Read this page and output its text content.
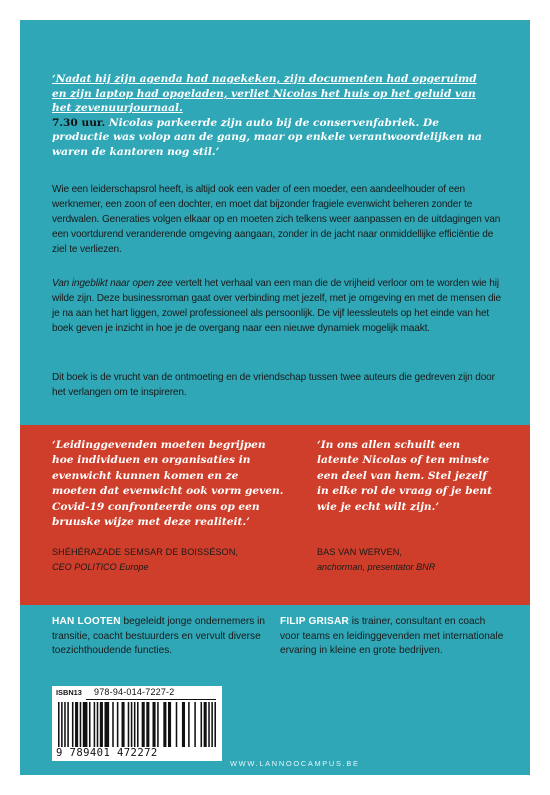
‘Nadat hij zijn agenda had nagekeken, zijn documenten had opgeruimd en zijn laptop had opgeladen, verliet Nicolas het huis op het geluid van het zevenuurjournaal.

7.30 uur. Nicolas parkeerde zijn auto bij de conservenfabriek. De productie was volop aan de gang, maar op enkele verantwoordelijken na waren de kantoren nog stil.’

Wie een leiderschapsrol heeft, is altijd ook een vader of een moeder, een aandeelhouder of een werknemer, een zoon of een dochter, en moet dat bijzonder fragiele evenwicht beheren zonder te verdwalen. Generaties volgen elkaar op en moeten zich telkens weer aanpassen en de uitdagingen van een voortdurend veranderende omgeving aangaan, zonder in de jacht naar onmiddellijke efficiëntie de ziel te verliezen.

Van ingeblikt naar open zee vertelt het verhaal van een man die de vrijheid verloor om te worden wie hij wilde zijn. Deze businessroman gaat over verbinding met jezelf, met je omgeving en met de mensen die je na aan het hart liggen, zowel professioneel als persoonlijk. De vijf leessleutels op het einde van het boek geven je inzicht in hoe je de overgang naar een nieuwe dynamiek mogelijk maakt.

Dit boek is de vrucht van de ontmoeting en de vriendschap tussen twee auteurs die gedreven zijn door het verlangen om te inspireren.

‘Leidinggevenden moeten begrijpen hoe individuen en organisaties in evenwicht kunnen komen en ze moeten dat evenwicht ook vorm geven. Covid-19 confronteerde ons op een bruuske wijze met deze realiteit.’

SHÉHÉRAZADE SEMSAR DE BOISSÉSON,
CEO POLITICO Europe

‘In ons allen schuilt een latente Nicolas of ten minste een deel van hem. Stel jezelf in elke rol de vraag of je bent wie je echt wilt zijn.’

BAS VAN WERVEN,
anchorman, presentator BNR

HAN LOOTEN begeleidt jonge ondernemers in transitie, coacht bestuurders en vervult diverse toezichthoudende functies.

FILIP GRISAR is trainer, consultant en coach voor teams en leidinggevenden met internationale ervaring in kleine en grote bedrijven.

ISBN13 978-94-014-7227-2
9 789401 472272
WWW.LANNOOCAMPUS.BE
